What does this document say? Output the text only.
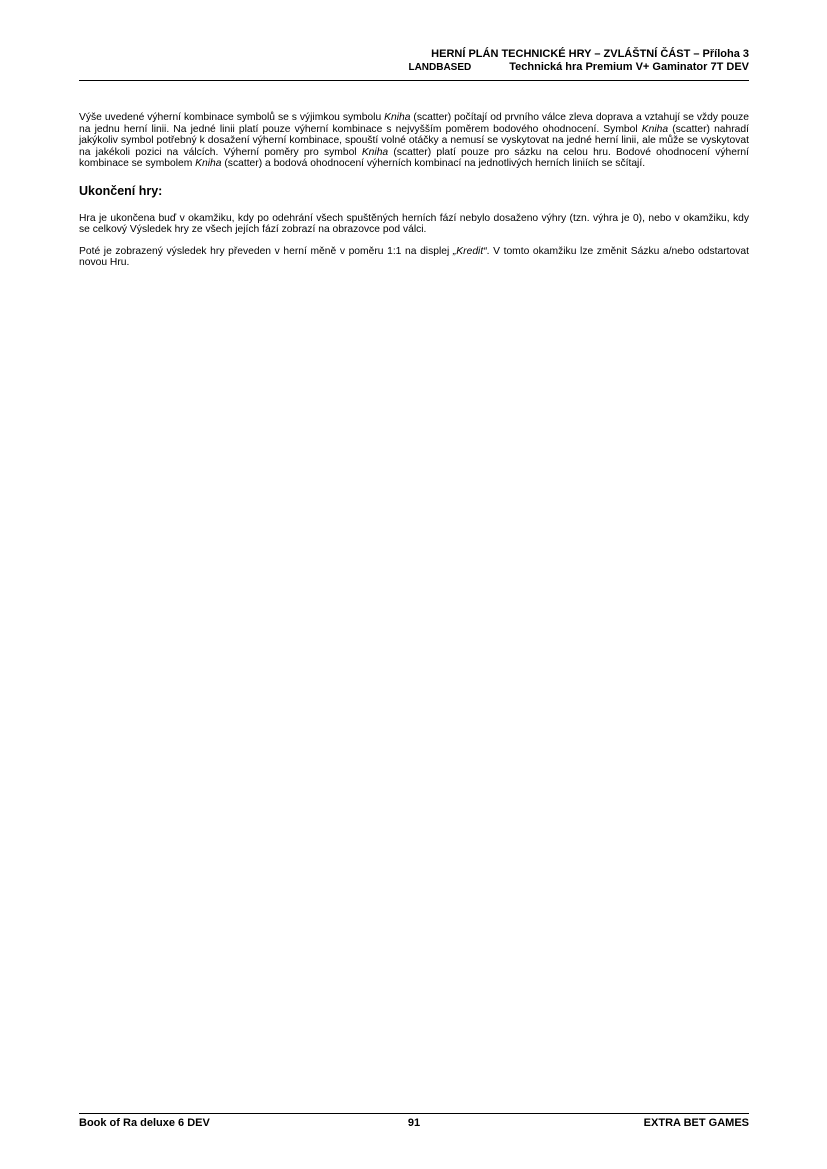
HERNÍ PLÁN TECHNICKÉ HRY – ZVLÁŠTNÍ ČÁST – Příloha 3
LANDBASED	Technická hra Premium V+ Gaminator 7T DEV

Výše uvedené výherní kombinace symbolů se s výjimkou symbolu Kniha (scatter) počítají od prvního válce zleva doprava a vztahují se vždy pouze na jednu herní linii. Na jedné linii platí pouze výherní kombinace s nejvyšším poměrem bodového ohodnocení. Symbol Kniha (scatter) nahradí jakýkoliv symbol potřebný k dosažení výherní kombinace, spouští volné otáčky a nemusí se vyskytovat na jedné herní linii, ale může se vyskytovat na jakékoli pozici na válcích. Výherní poměry pro symbol Kniha (scatter) platí pouze pro sázku na celou hru. Bodové ohodnocení výherní kombinace se symbolem Kniha (scatter) a bodová ohodnocení výherních kombinací na jednotlivých herních liniích se sčítají.

Ukončení hry:

Hra je ukončena buď v okamžiku, kdy po odehrání všech spuštěných herních fází nebylo dosaženo výhry (tzn. výhra je 0), nebo v okamžiku, kdy se celkový Výsledek hry ze všech jejích fází zobrazí na obrazovce pod válci.

Poté je zobrazený výsledek hry převeden v herní měně v poměru 1:1 na displej „Kredit“. V tomto okamžiku lze změnit Sázku a/nebo odstartovat novou Hru.

Book of Ra deluxe 6 DEV	91	EXTRA BET GAMES
